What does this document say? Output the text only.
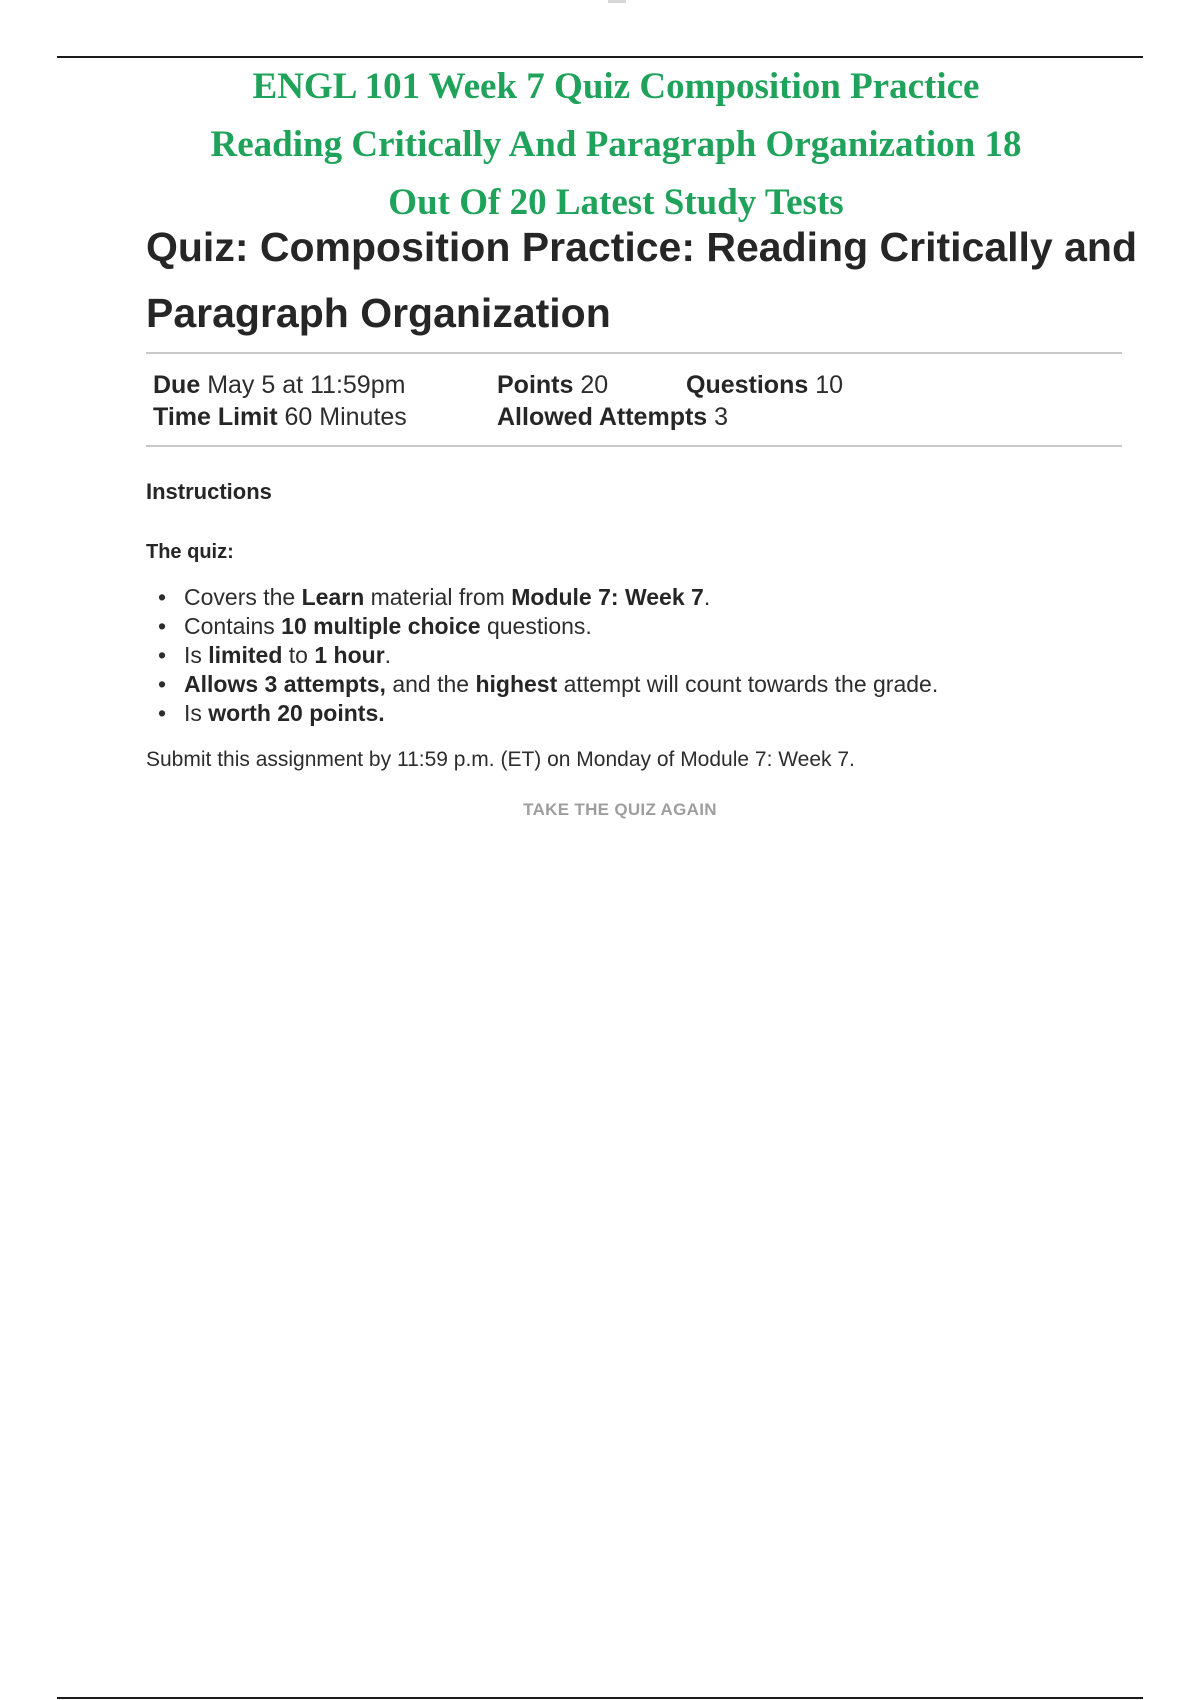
ENGL 101 Week 7 Quiz Composition Practice
Reading Critically And Paragraph Organization 18
Out Of 20 Latest Study Tests
Quiz: Composition Practice: Reading Critically and
Paragraph Organization
Due May 5 at 11:59pm	Points 20	Questions 10
Time Limit 60 Minutes	Allowed Attempts 3

Instructions

The quiz:

• Covers the Learn material from Module 7: Week 7.
• Contains 10 multiple choice questions.
• Is limited to 1 hour.
• Allows 3 attempts, and the highest attempt will count towards the grade.
• Is worth 20 points.

Submit this assignment by 11:59 p.m. (ET) on Monday of Module 7: Week 7.

TAKE THE QUIZ AGAIN
